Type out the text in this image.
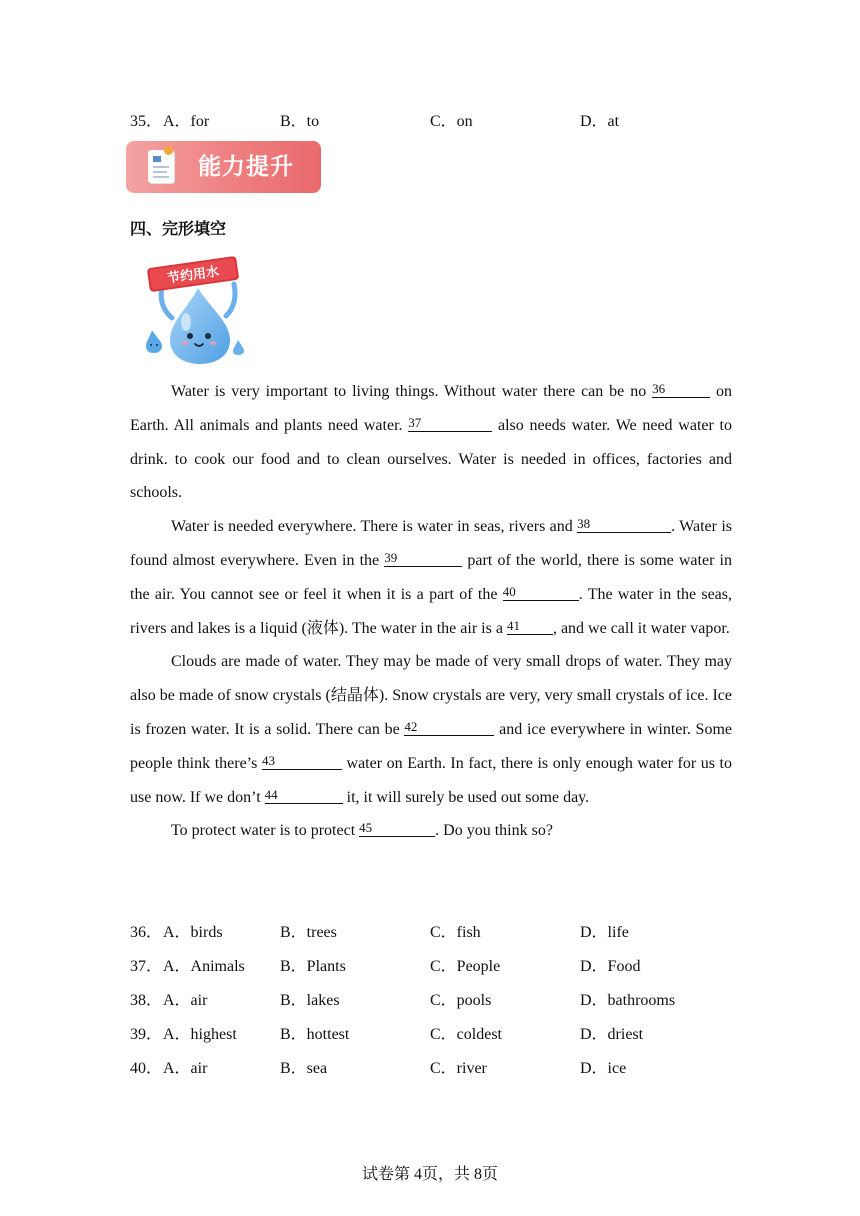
35． A．for	B．to	C．on	D．at
能力提升
四、完形填空
节约用水

Water is very important to living things. Without water there can be no 36	on Earth. All animals and plants need water. 37	also needs water. We need water to drink. to cook our food and to clean ourselves. Water is needed in offices, factories and schools.

Water is needed everywhere. There is water in seas, rivers and 38	. Water is found almost everywhere. Even in the 39	part of the world, there is some water in the air. You cannot see or feel it when it is a part of the 40	. The water in the seas, rivers and lakes is a liquid (液体). The water in the air is a 41 , and we call it water vapor.

Clouds are made of water. They may be made of very small drops of water. They may also be made of snow crystals (结晶体). Snow crystals are very, very small crystals of ice. Ice is frozen water. It is a solid. There can be 42	and ice everywhere in winter. Some people think there’s 43	water on Earth. In fact, there is only enough water for us to use now. If we don’t 44	it, it will surely be used out some day.

To protect water is to protect 45	. Do you think so?

36． A．birds	B．trees	C．fish	D．life
37． A．Animals B．Plants	C．People	D．Food
38． A．air	B．lakes	C．pools	D．bathrooms
39． A．highest	B．hottest	C．coldest	D．driest
40． A．air	B．sea	C．river	D．ice
试卷第 4页，共 8页
